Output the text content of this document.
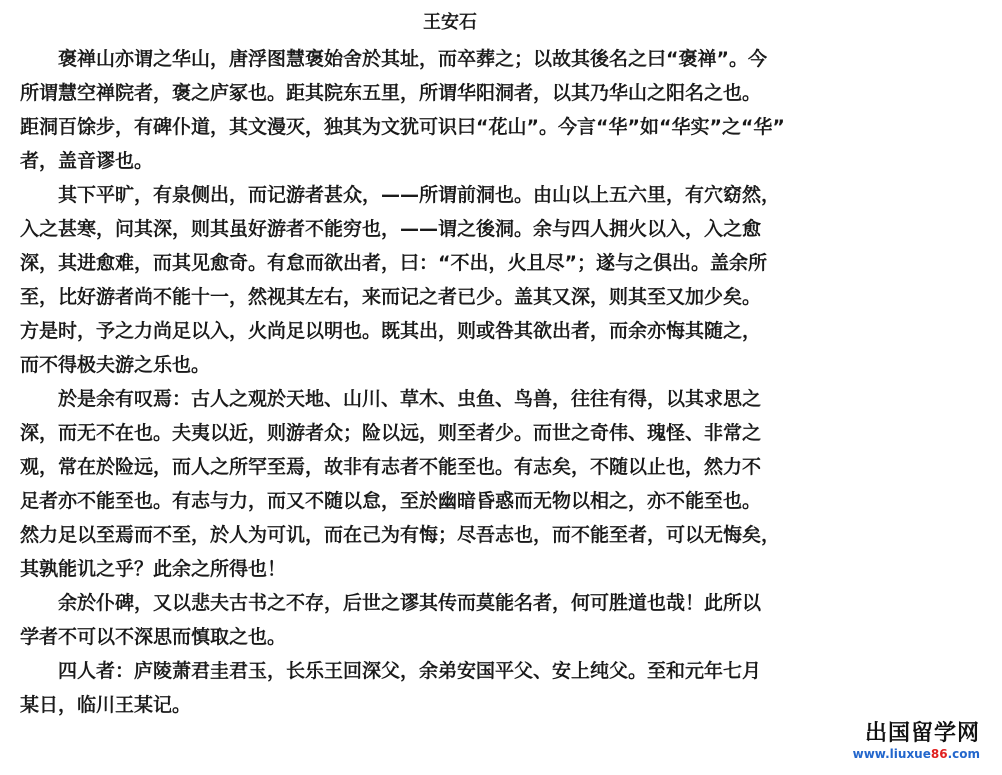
王安石
褒禅山亦谓之华山，唐浮图慧褒始舍於其址，而卒葬之；以故其後名之曰“褒禅”。今
所谓慧空禅院者，褒之庐冢也。距其院东五里，所谓华阳洞者，以其乃华山之阳名之也。
距洞百馀步，有碑仆道，其文漫灭，独其为文犹可识曰“花山”。今言“华”如“华实”之“华”
者，盖音谬也。
其下平旷，有泉侧出，而记游者甚众，——所谓前洞也。由山以上五六里，有穴窈然，
入之甚寒，问其深，则其虽好游者不能穷也，——谓之後洞。余与四人拥火以入，入之愈
深，其进愈难，而其见愈奇。有怠而欲出者，曰：“不出，火且尽”；遂与之俱出。盖余所
至，比好游者尚不能十一，然视其左右，来而记之者已少。盖其又深，则其至又加少矣。
方是时，予之力尚足以入，火尚足以明也。既其出，则或咎其欲出者，而余亦悔其随之，
而不得极夫游之乐也。
於是余有叹焉：古人之观於天地、山川、草木、虫鱼、鸟兽，往往有得，以其求思之
深，而无不在也。夫夷以近，则游者众；险以远，则至者少。而世之奇伟、瑰怪、非常之
观，常在於险远，而人之所罕至焉，故非有志者不能至也。有志矣，不随以止也，然力不
足者亦不能至也。有志与力，而又不随以怠，至於幽暗昏惑而无物以相之，亦不能至也。
然力足以至焉而不至，於人为可讥，而在己为有悔；尽吾志也，而不能至者，可以无悔矣，
其孰能讥之乎？此余之所得也！
余於仆碑，又以悲夫古书之不存，后世之谬其传而莫能名者，何可胜道也哉！此所以
学者不可以不深思而慎取之也。
四人者：庐陵萧君圭君玉，长乐王回深父，余弟安国平父、安上纯父。至和元年七月
某日，临川王某记。
出国留学网
www.liuxue86.com
